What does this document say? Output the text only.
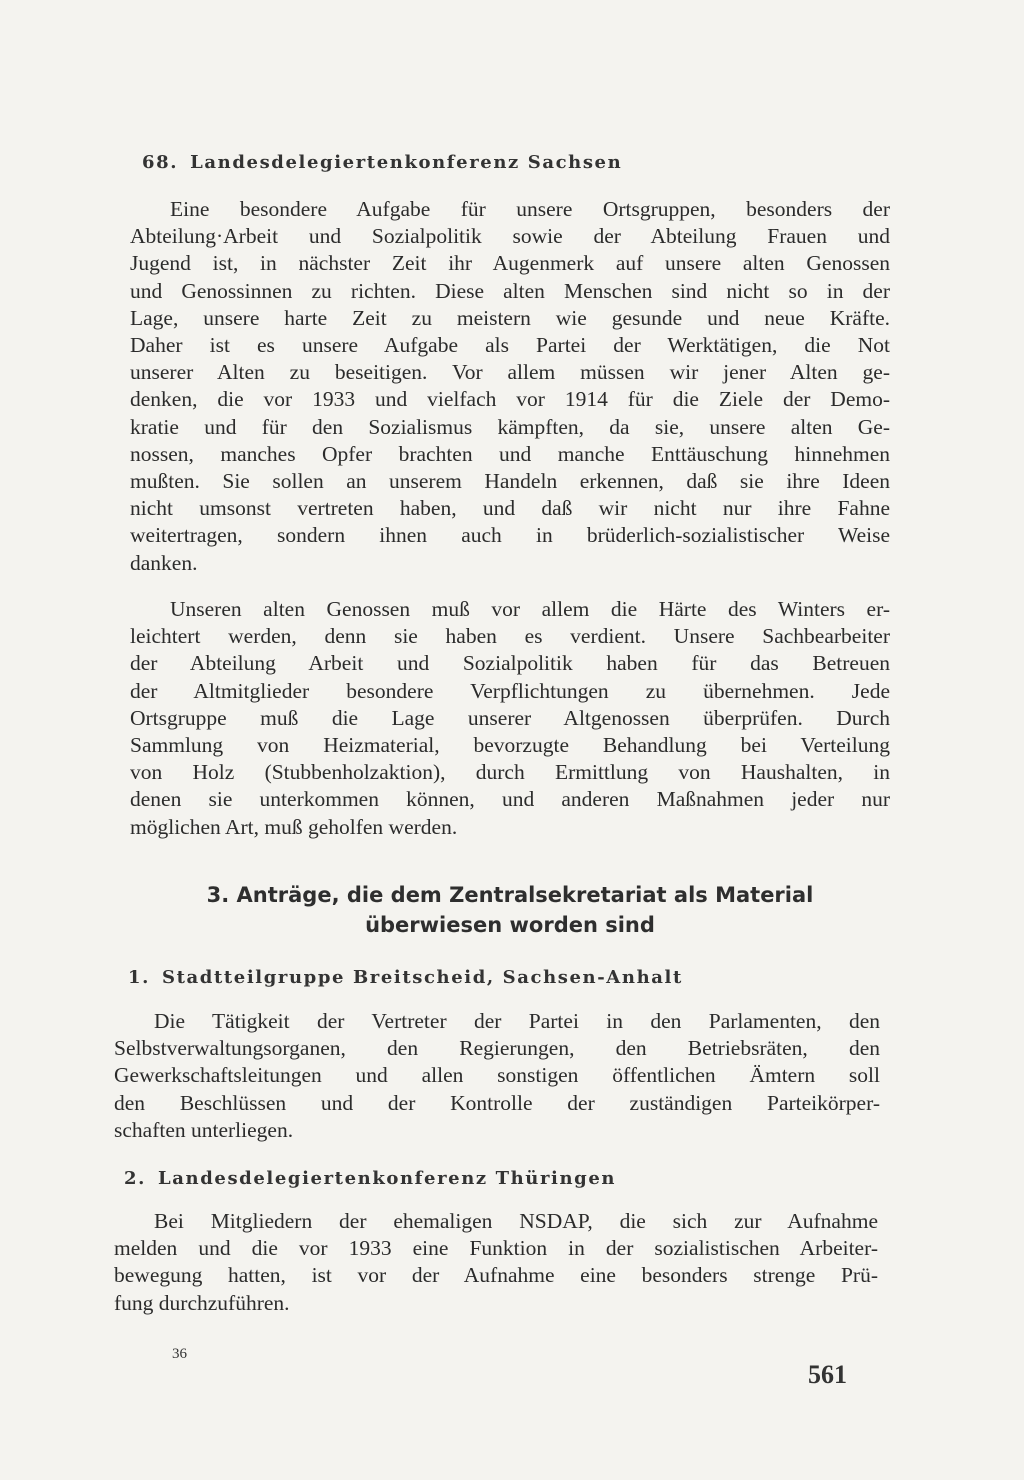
68. Landesdelegiertenkonferenz Sachsen
Eine besondere Aufgabe für unsere Ortsgruppen, besonders der
Abteilung·Arbeit und Sozialpolitik sowie der Abteilung Frauen und
Jugend ist, in nächster Zeit ihr Augenmerk auf unsere alten Genossen
und Genossinnen zu richten. Diese alten Menschen sind nicht so in der
Lage, unsere harte Zeit zu meistern wie gesunde und neue Kräfte.
Daher ist es unsere Aufgabe als Partei der Werktätigen, die Not
unserer Alten zu beseitigen. Vor allem müssen wir jener Alten ge-
denken, die vor 1933 und vielfach vor 1914 für die Ziele der Demo-
kratie und für den Sozialismus kämpften, da sie, unsere alten Ge-
nossen, manches Opfer brachten und manche Enttäuschung hinnehmen
mußten. Sie sollen an unserem Handeln erkennen, daß sie ihre Ideen
nicht umsonst vertreten haben, und daß wir nicht nur ihre Fahne
weitertragen, sondern ihnen auch in brüderlich-sozialistischer Weise
danken.
Unseren alten Genossen muß vor allem die Härte des Winters er-
leichtert werden, denn sie haben es verdient. Unsere Sachbearbeiter
der Abteilung Arbeit und Sozialpolitik haben für das Betreuen
der Altmitglieder besondere Verpflichtungen zu übernehmen. Jede
Ortsgruppe muß die Lage unserer Altgenossen überprüfen. Durch
Sammlung von Heizmaterial, bevorzugte Behandlung bei Verteilung
von Holz (Stubbenholzaktion), durch Ermittlung von Haushalten, in
denen sie unterkommen können, und anderen Maßnahmen jeder nur
möglichen Art, muß geholfen werden.
3. Anträge, die dem Zentralsekretariat als Material
überwiesen worden sind
1. Stadtteilgruppe Breitscheid, Sachsen-Anhalt
Die Tätigkeit der Vertreter der Partei in den Parlamenten, den
Selbstverwaltungsorganen, den Regierungen, den Betriebsräten, den
Gewerkschaftsleitungen und allen sonstigen öffentlichen Ämtern soll
den Beschlüssen und der Kontrolle der zuständigen Parteikörper-
schaften unterliegen.
2. Landesdelegiertenkonferenz Thüringen
Bei Mitgliedern der ehemaligen NSDAP, die sich zur Aufnahme
melden und die vor 1933 eine Funktion in der sozialistischen Arbeiter-
bewegung hatten, ist vor der Aufnahme eine besonders strenge Prü-
fung durchzuführen.
36
561
